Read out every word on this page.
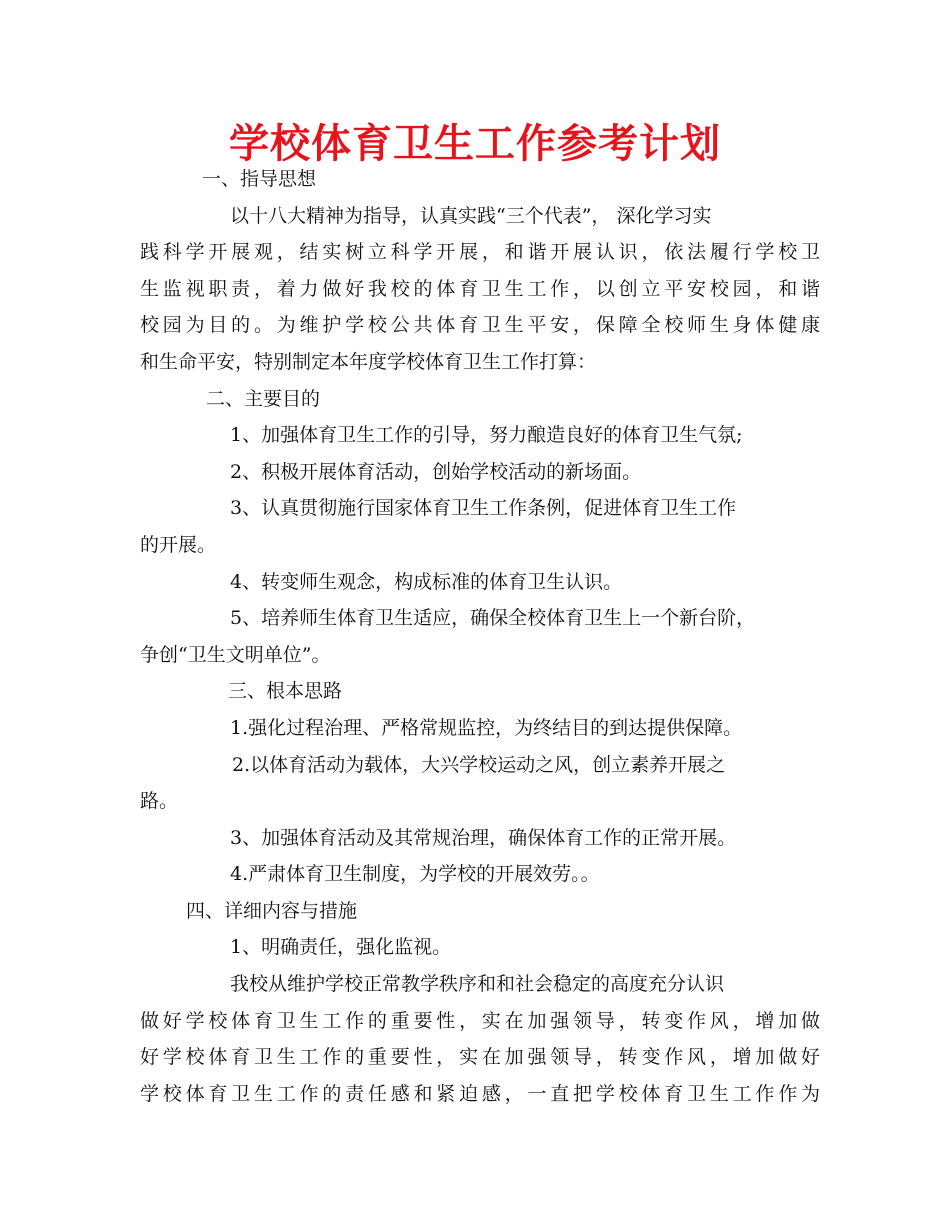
学校体育卫生工作参考计划
一、指导思想
以十八大精神为指导，认真实践“三个代表”， 深化学习实
践科学开展观，结实树立科学开展，和谐开展认识，依法履行学校卫
生监视职责，着力做好我校的体育卫生工作，以创立平安校园，和谐
校园为目的。为维护学校公共体育卫生平安，保障全校师生身体健康
和生命平安，特别制定本年度学校体育卫生工作打算：
二、主要目的
1、加强体育卫生工作的引导，努力酿造良好的体育卫生气氛;
2、积极开展体育活动，创始学校活动的新场面。
3、认真贯彻施行国家体育卫生工作条例，促进体育卫生工作
的开展。
4、转变师生观念，构成标准的体育卫生认识。
5、培养师生体育卫生适应，确保全校体育卫生上一个新台阶，
争创“卫生文明单位”。
三、根本思路
1.强化过程治理、严格常规监控，为终结目的到达提供保障。
2.以体育活动为载体，大兴学校运动之风，创立素养开展之
路。
3、加强体育活动及其常规治理，确保体育工作的正常开展。
4.严肃体育卫生制度，为学校的开展效劳。。
四、详细内容与措施
1、明确责任，强化监视。
我校从维护学校正常教学秩序和和社会稳定的高度充分认识
做好学校体育卫生工作的重要性，实在加强领导，转变作风，增加做
好学校体育卫生工作的重要性，实在加强领导，转变作风，增加做好
学校体育卫生工作的责任感和紧迫感，一直把学校体育卫生工作作为
